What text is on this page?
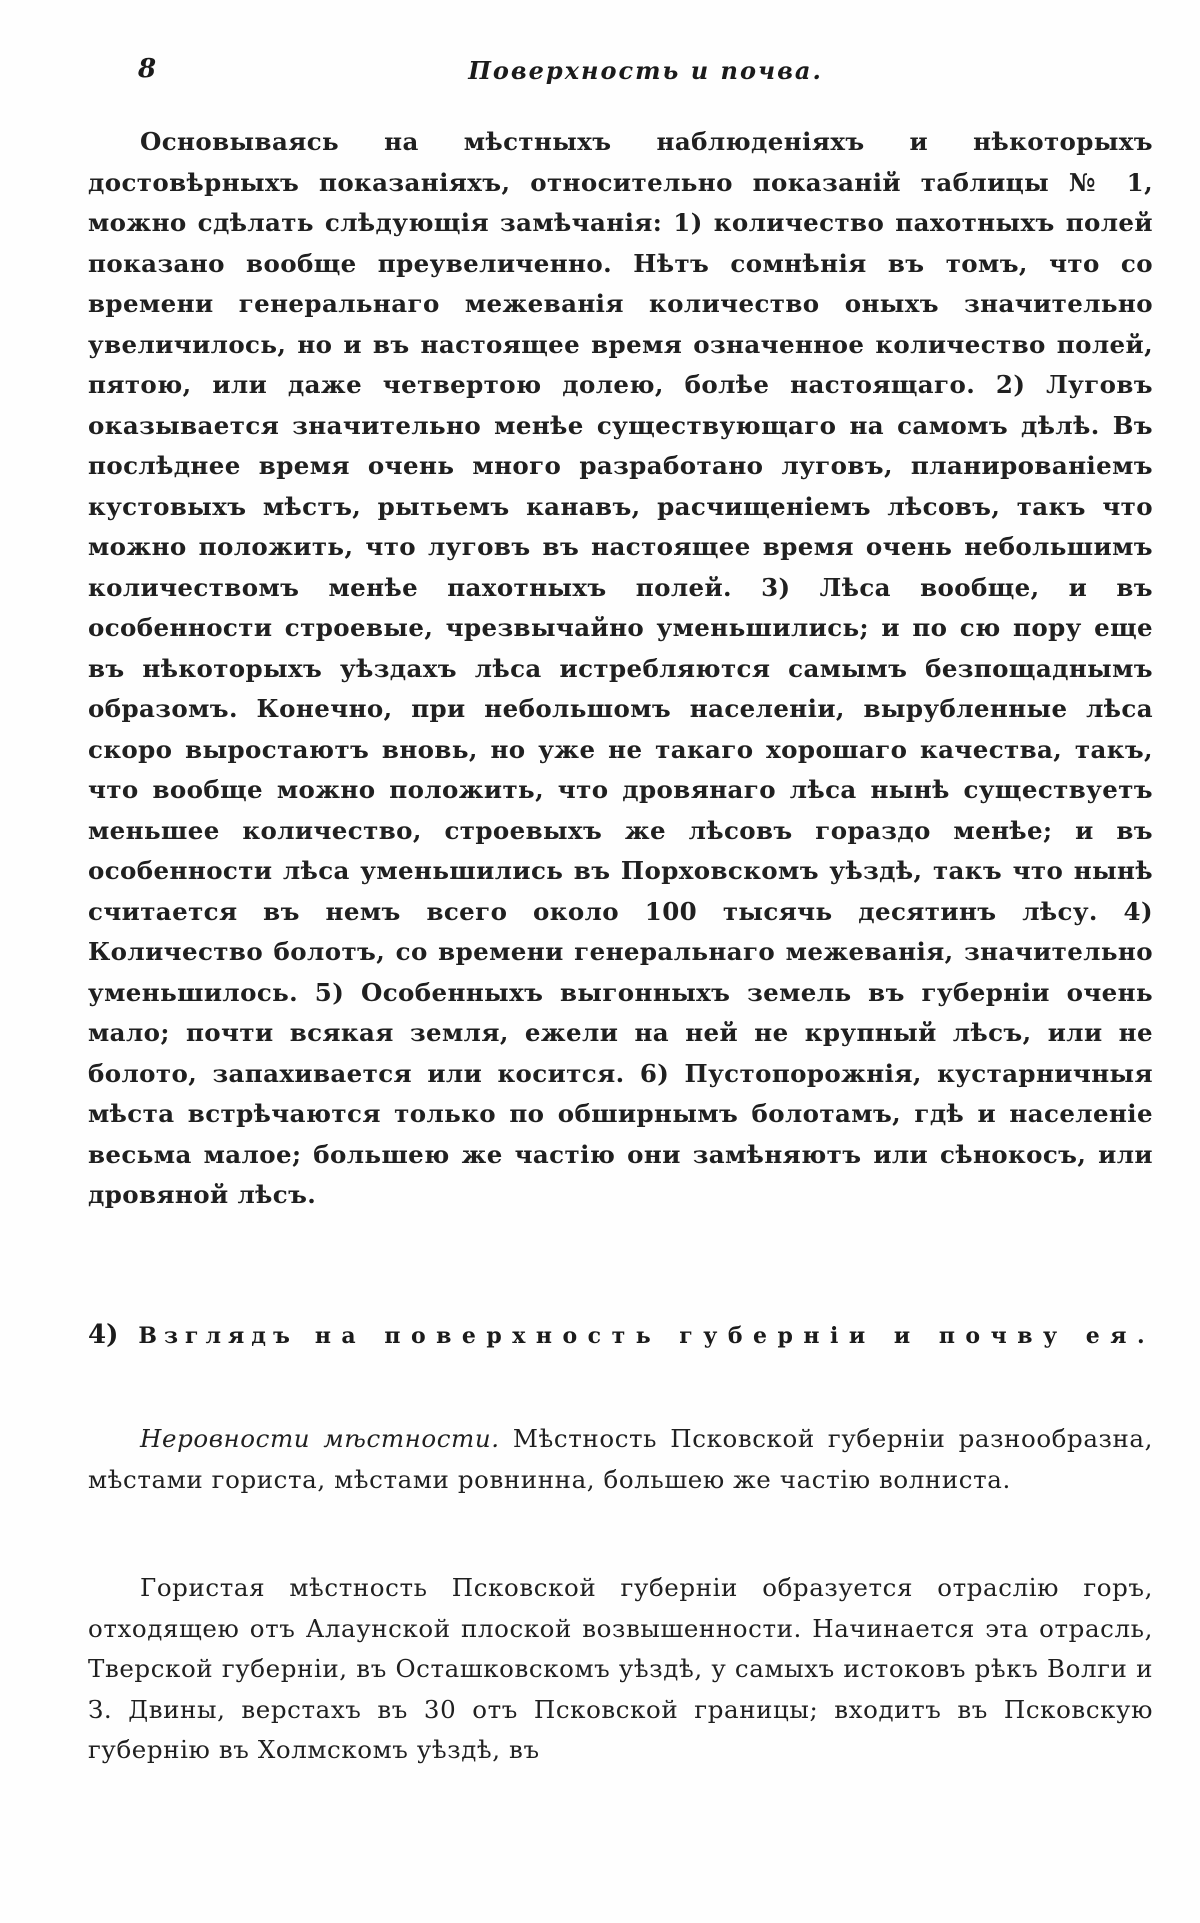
8	Поверхность и почва.
Основываясь на мѣстныхъ наблюденіяхъ и нѣкоторыхъ достовѣрныхъ показаніяхъ, относительно показаній таблицы № 1, можно сдѣлать слѣдующія замѣчанія: 1) количество пахотныхъ полей показано вообще преувеличенно. Нѣтъ сомнѣнія въ томъ, что со времени генеральнаго межеванія количество оныхъ значительно увеличилось, но и въ настоящее время означенное количество полей, пятою, или даже четвертою долею, болѣе настоящаго. 2) Луговъ оказывается значительно менѣе существующаго на самомъ дѣлѣ. Въ послѣднее время очень много разработано луговъ, планированіемъ кустовыхъ мѣстъ, рытьемъ канавъ, расчищеніемъ лѣсовъ, такъ что можно положить, что луговъ въ настоящее время очень небольшимъ количествомъ менѣе пахотныхъ полей. 3) Лѣса вообще, и въ особенности строевые, чрезвычайно уменьшились; и по сю пору еще въ нѣкоторыхъ уѣздахъ лѣса истребляются самымъ безпощаднымъ образомъ. Конечно, при небольшомъ населеніи, вырубленные лѣса скоро выростаютъ вновь, но уже не такаго хорошаго качества, такъ, что вообще можно положить, что дровянаго лѣса нынѣ существуетъ меньшее количество, строевыхъ же лѣсовъ гораздо менѣе; и въ особенности лѣса уменьшились въ Порховскомъ уѣздѣ, такъ что нынѣ считается въ немъ всего около 100 тысячь десятинъ лѣсу. 4) Количество болотъ, со времени генеральнаго межеванія, значительно уменьшилось. 5) Особенныхъ выгонныхъ земель въ губерніи очень мало; почти всякая земля, ежели на ней не крупный лѣсъ, или не болото, запахивается или косится. 6) Пустопорожнія, кустарничныя мѣста встрѣчаются только по обширнымъ болотамъ, гдѣ и населеніе весьма малое; большею же частію они замѣняютъ или сѣнокосъ, или дровяной лѣсъ.
4) Взглядъ на поверхность губерніи и почву ея.
Неровности мѣстности. Мѣстность Псковской губерніи разнообразна, мѣстами гориста, мѣстами ровнинна, большею же частію волниста.
Гористая мѣстность Псковской губерніи образуется отраслію горъ, отходящею отъ Алаунской плоской возвышенности. Начинается эта отрасль, Тверской губерніи, въ Осташковскомъ уѣздѣ, у самыхъ истоковъ рѣкъ Волги и З. Двины, верстахъ въ 30 отъ Псковской границы; входитъ въ Псковскую губернію въ Холмскомъ уѣздѣ, въ
